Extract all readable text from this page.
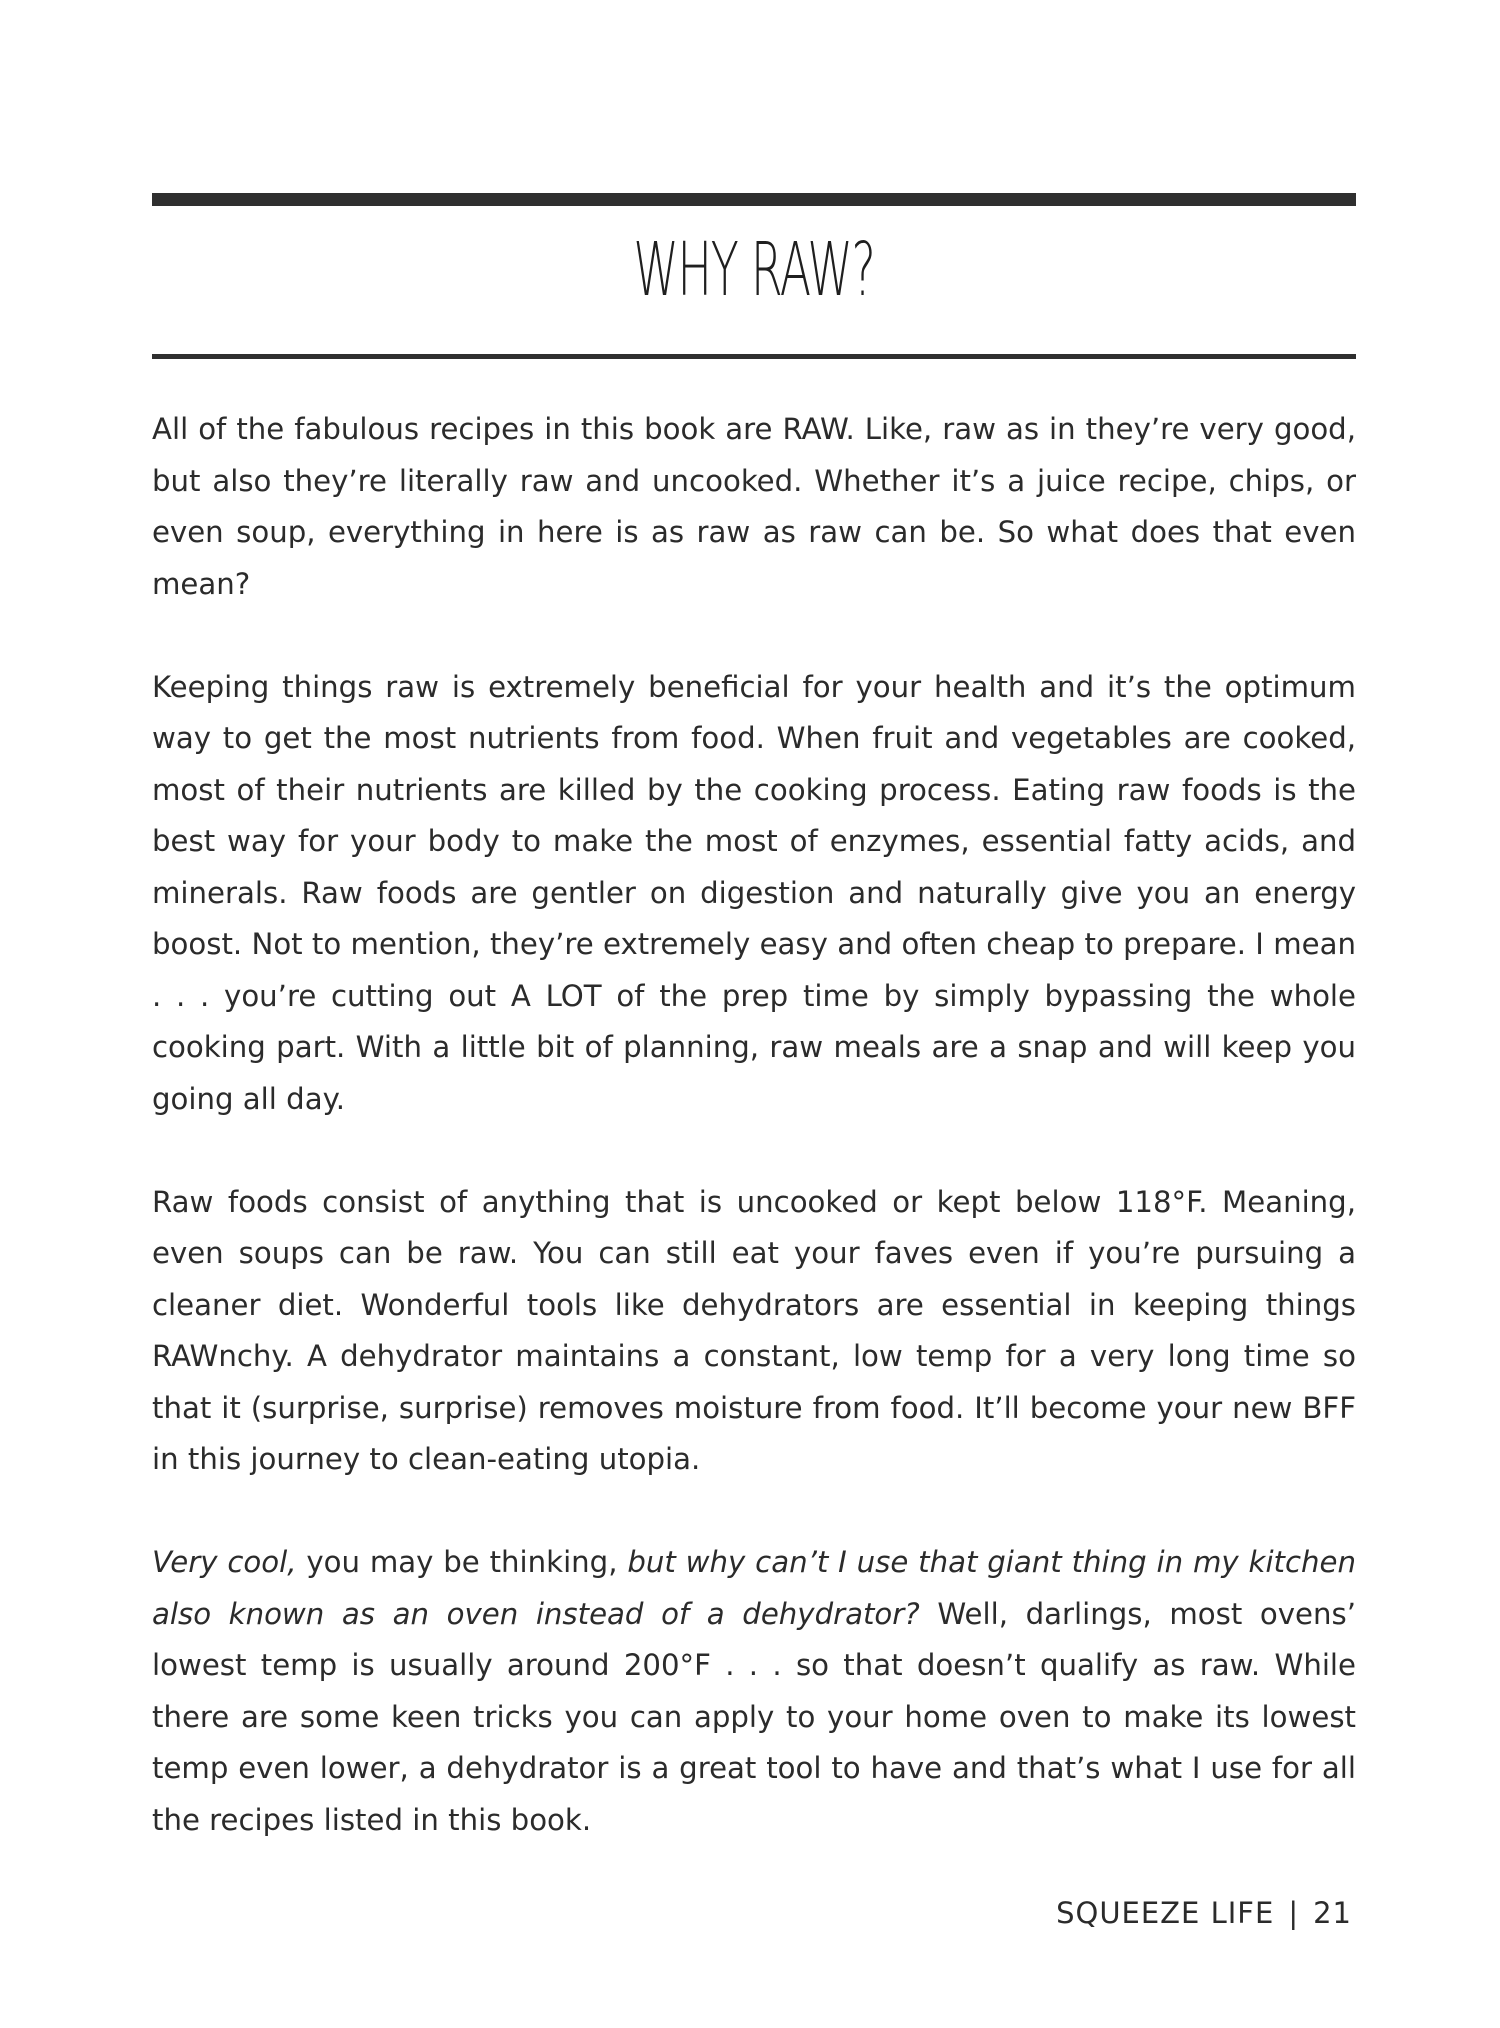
WHY RAW?

All of the fabulous recipes in this book are RAW. Like, raw as in they’re very good, but also they’re literally raw and uncooked. Whether it’s a juice recipe, chips, or even soup, everything in here is as raw as raw can be. So what does that even mean?

Keeping things raw is extremely beneficial for your health and it’s the optimum way to get the most nutrients from food. When fruit and vegetables are cooked, most of their nutrients are killed by the cooking process. Eating raw foods is the best way for your body to make the most of enzymes, essential fatty acids, and minerals. Raw foods are gentler on digestion and naturally give you an energy boost. Not to mention, they’re extremely easy and often cheap to prepare. I mean . . . you’re cutting out A LOT of the prep time by simply bypassing the whole cooking part. With a little bit of planning, raw meals are a snap and will keep you going all day.

Raw foods consist of anything that is uncooked or kept below 118°F. Meaning, even soups can be raw. You can still eat your faves even if you’re pursuing a cleaner diet. Wonderful tools like dehydrators are essential in keeping things RAWnchy. A dehydrator maintains a constant, low temp for a very long time so that it (surprise, surprise) removes moisture from food. It’ll become your new BFF in this journey to clean-eating utopia.

Very cool, you may be thinking, but why can’t I use that giant thing in my kitchen also known as an oven instead of a dehydrator? Well, darlings, most ovens’ lowest temp is usually around 200°F . . . so that doesn’t qualify as raw. While there are some keen tricks you can apply to your home oven to make its lowest temp even lower, a dehydrator is a great tool to have and that’s what I use for all the recipes listed in this book.

SQUEEZE LIFE | 21
